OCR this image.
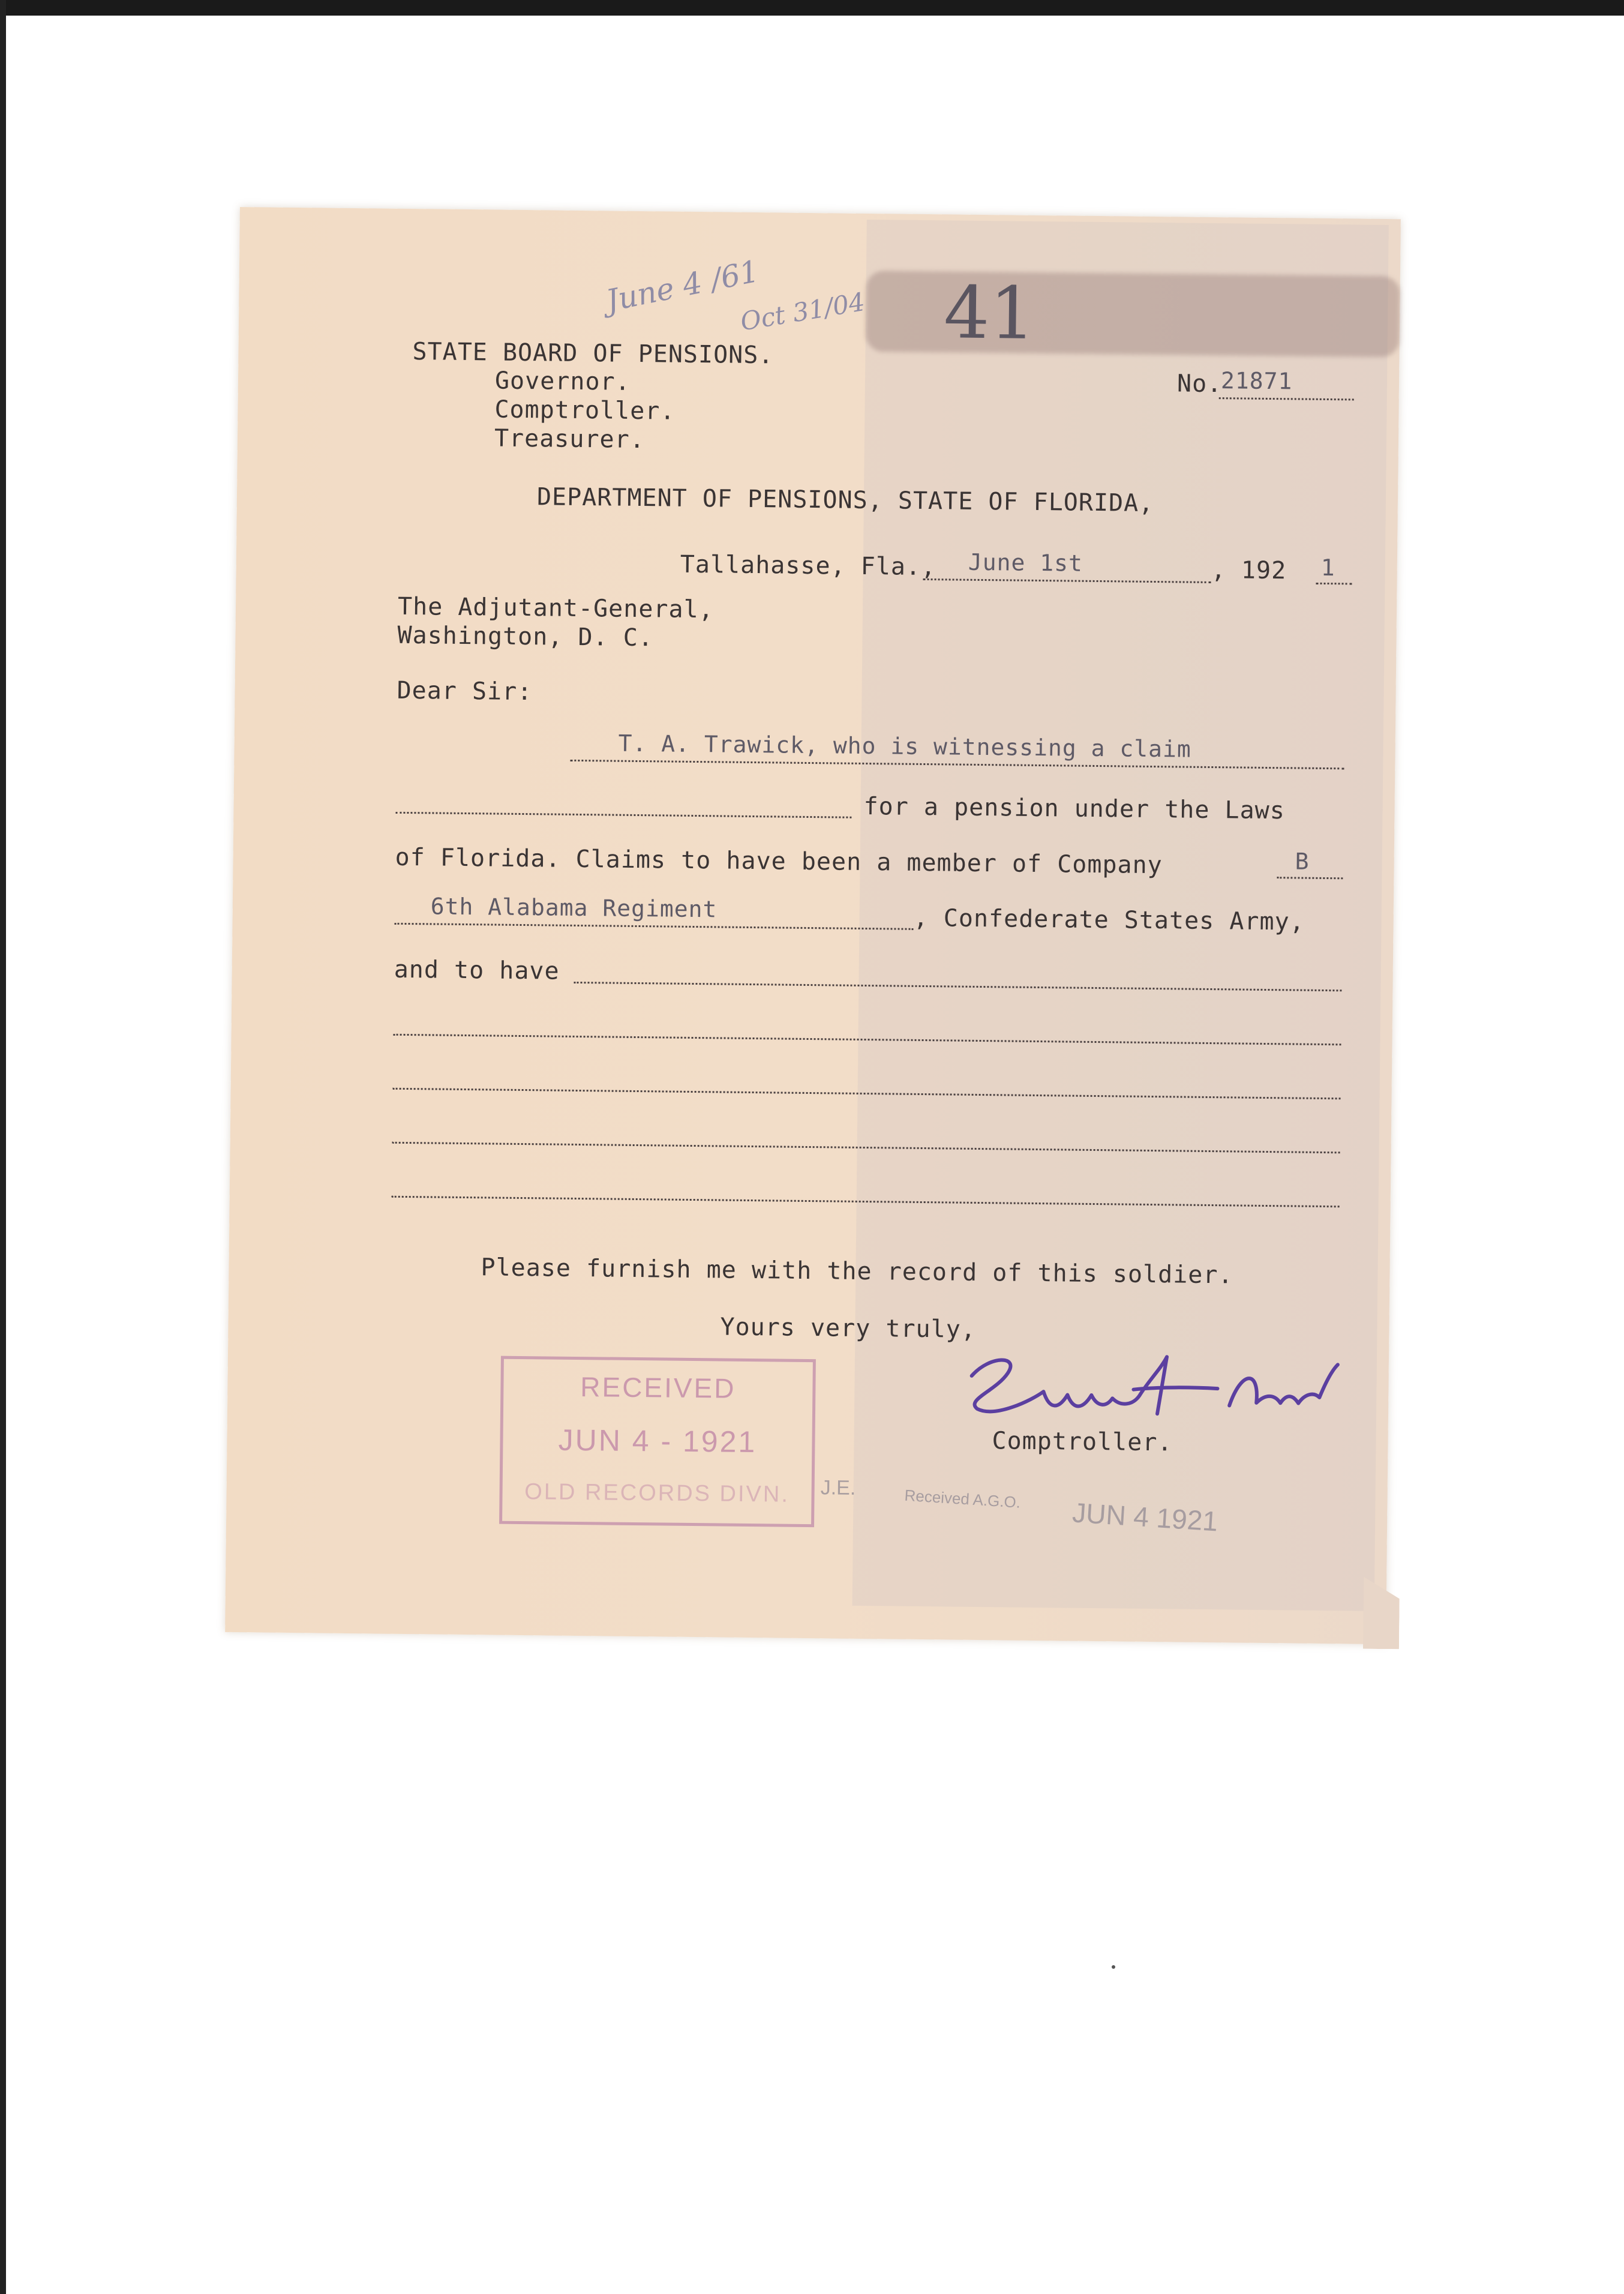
June 4 /61
Oct 31/04 41
STATE BOARD OF PENSIONS.
Governor.
Comptroller.
Treasurer.
No.
21871
DEPARTMENT OF PENSIONS, STATE OF FLORIDA,
Tallahasse, Fla., June 1st	, 192 1
The Adjutant-General,
Washington, D. C.
Dear Sir:
T. A. Trawick, who is witnessing a claim
for a pension under the Laws
of Florida. Claims to have been a member of Company	B
6th Alabama Regiment	, Confederate States Army,
and to have
Please furnish me with the record of this soldier.
Yours very truly,
Comptroller.
RECEIVED
JUN 4 - 1921
OLD RECORDS DIVN.	J.E.	Received A.G.O. JUN 4 1921
